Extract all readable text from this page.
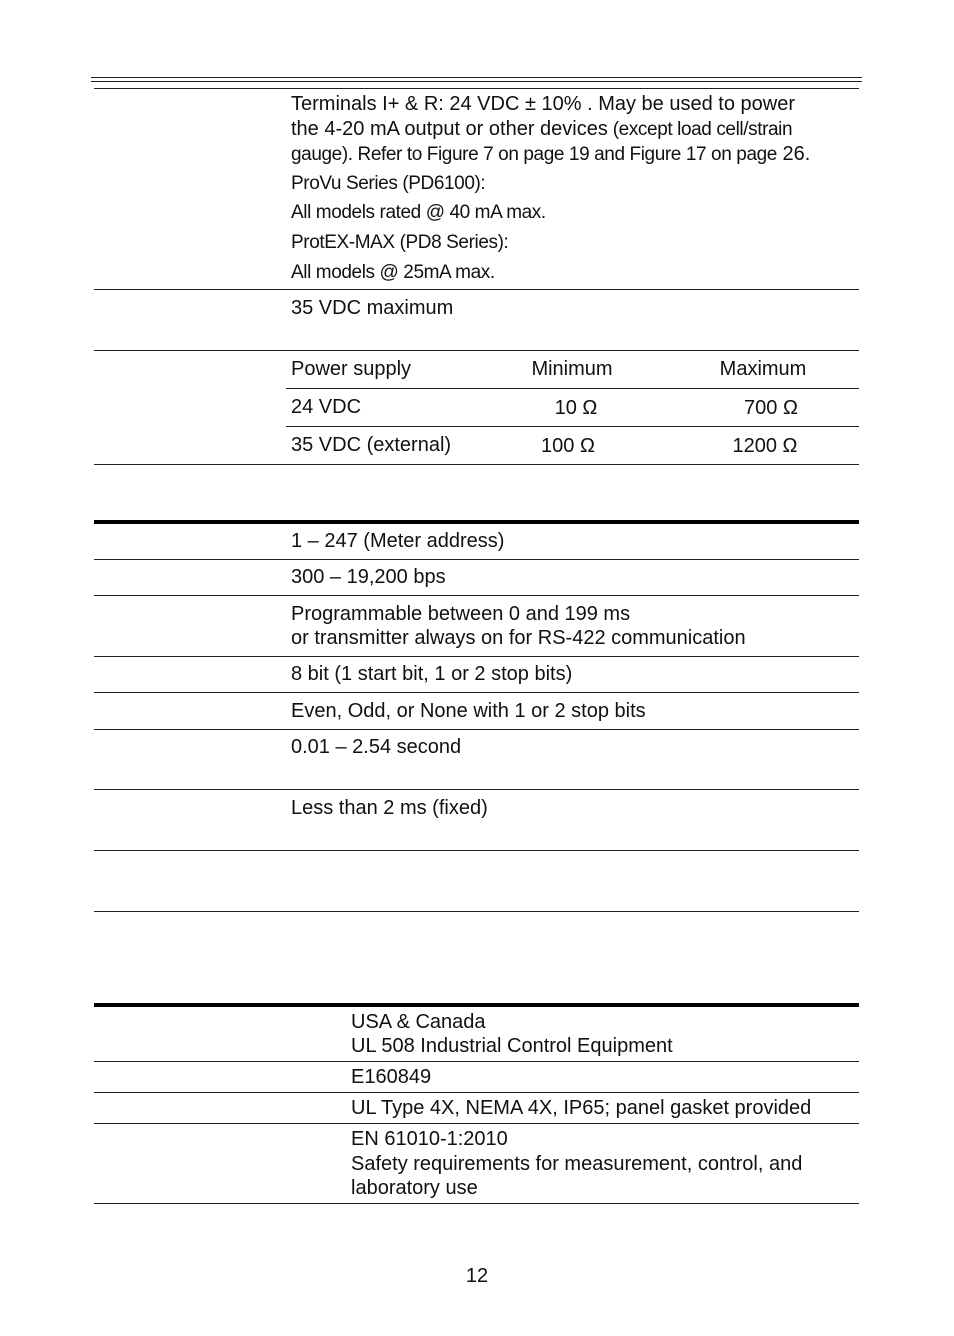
Terminals I+ & R: 24 VDC ± 10% . May be used to power
the 4-20 mA output or other devices (except load cell/strain
gauge). Refer to Figure 7 on page 19 and Figure 17 on page 26.
ProVu Series (PD6100):
All models rated @ 40 mA max.
ProtEX-MAX (PD8 Series):
All models @ 25mA max.
35 VDC maximum
Power supply	Minimum	Maximum
24 VDC	10 Ω	700 Ω
35 VDC (external)	100 Ω	1200 Ω
1 – 247 (Meter address)
300 – 19,200 bps
Programmable between 0 and 199 ms
or transmitter always on for RS-422 communication
8 bit (1 start bit, 1 or 2 stop bits)
Even, Odd, or None with 1 or 2 stop bits
0.01 – 2.54 second
Less than 2 ms (fixed)
USA & Canada
UL 508 Industrial Control Equipment
E160849
UL Type 4X, NEMA 4X, IP65; panel gasket provided
EN 61010-1:2010
Safety requirements for measurement, control, and
laboratory use
12
